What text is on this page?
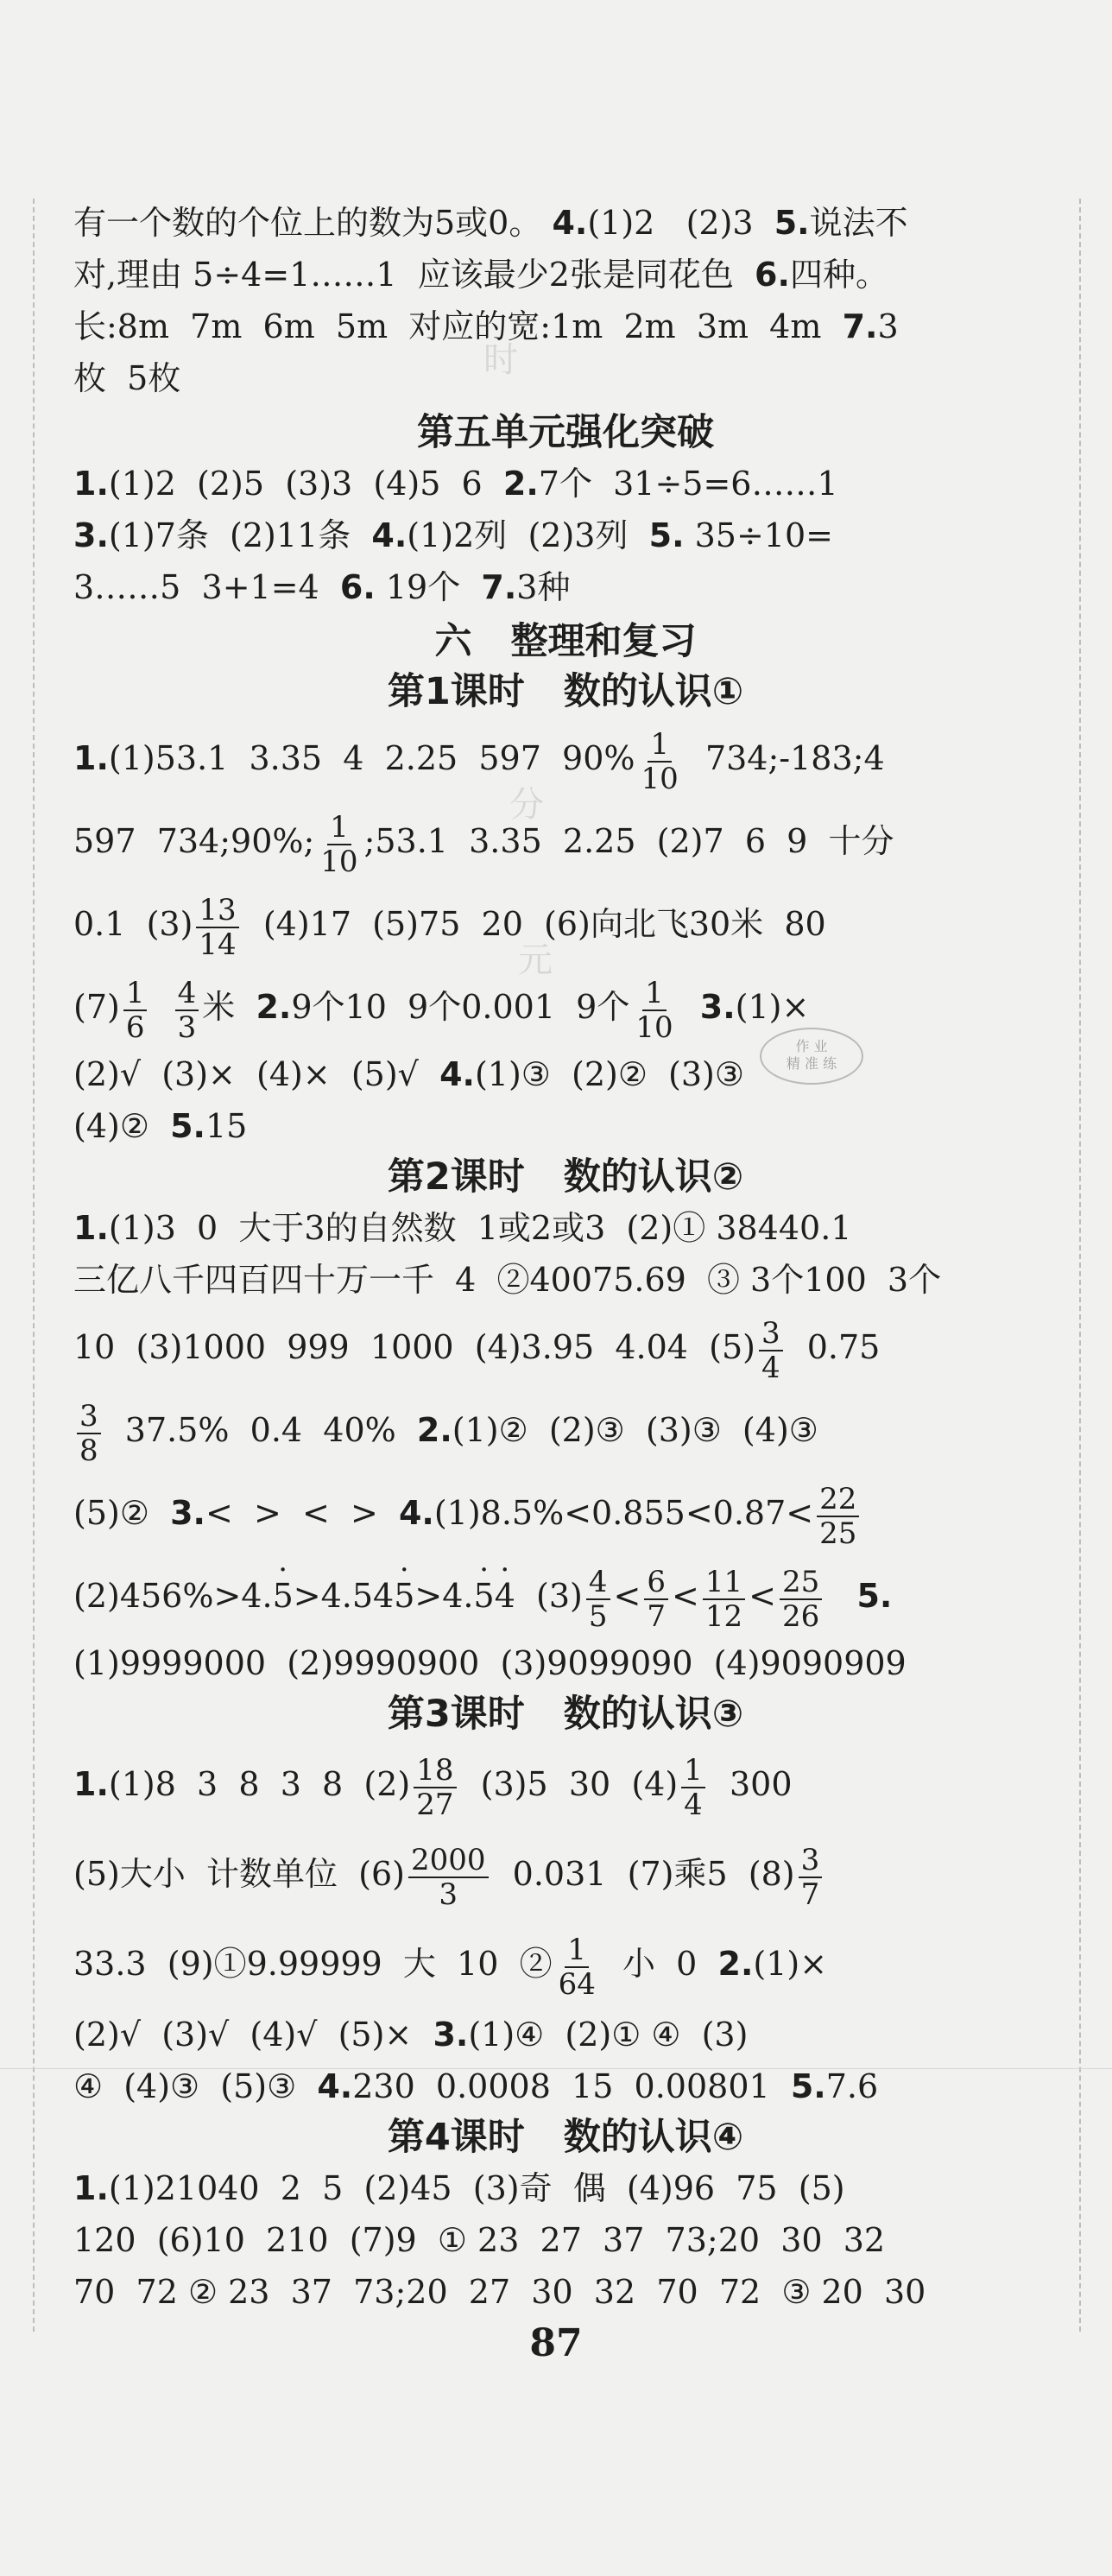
时
分
元
作 业
精 准 练
有一个数的个位上的数为5或0。 4.(1)2   (2)3  5.说法不
对,理由 5÷4=1……1  应该最少2张是同花色  6.四种。
长:8m  7m  6m  5m  对应的宽:1m  2m  3m  4m  7.3
枚  5枚
第五单元强化突破
1.(1)2  (2)5  (3)3  (4)5  6  2.7个  31÷5=6……1
3.(1)7条  (2)11条  4.(1)2列  (2)3列  5. 35÷10=
3……5  3+1=4  6. 19个  7.3种
六   整理和复习
第1课时   数的认识①
1.(1)53.1  3.35  4  2.25  597  $90\% \frac{1}{10}$ 734;-183;4
597  734;90%; $\frac{1}{10}$ ;53.1  3.35  2.25  (2)7  6  9  十分
0.1  $(3) \frac{13}{14} (4)17$  (5)75  20  (6)向北飞30米  80
$(7) \frac{1}{6}$
$\frac{4}{3}$ 米  2.9个10  9个0.001  9个 $\frac{1}{10} 3.(1)\times$
(2)√  (3)×  (4)×  (5)√  4.(1)③  (2)②  (3)③
(4)②  5.15
第2课时   数的认识②
1.(1)3  0  大于3的自然数  1或2或3  (2)① 38440.1
三亿八千四百四十万一千  4  ②40075.69  ③ 3个100  3个
10  (3)1000  999  1000  (4)3.95  4.04  $(5) \frac{3}{4} 0.75$
$\frac{3}{8} 37.5\%$  0.4  40%  2.(1)②  (2)③  (3)③  (4)③
(5)②  3.<  >  <  >  $4.(1)8.5\%<0.855<0.87< \frac{22}{25}$
(2)456%>4.· 5>4.54· 5>4.· 5· 4  $(3) \frac{4}{5} < \frac{6}{7} < \frac{11}{12} < \frac{25}{26} 5$.
(1)9999000  (2)9990900  (3)9099090  (4)9090909
第3课时   数的认识③
1.(1)8  3  8  3  8  $(2) \frac{18}{27} (3)5$  30  $(4) \frac{1}{4} 300$
(5)大小  计数单位  $(6) \frac{2000}{3} 0.031$  (7)乘5  $(8) \frac{3}{7}$
33.3  (9)①9.99999  大  10  ② $\frac{1}{64}$ 小  0  2.(1)×
(2)√  (3)√  (4)√  (5)×  3.(1)④  (2)① ④  (3)
④  (4)③  (5)③  4.230  0.0008  15  0.00801  5.7.6
第4课时   数的认识④
1.(1)21040  2  5  (2)45  (3)奇  偶  (4)96  75  (5)
120  (6)10  210  (7)9  ① 23  27  37  73;20  30  32
70  72 ② 23  37  73;20  27  30  32  70  72  ③ 20  30
87
